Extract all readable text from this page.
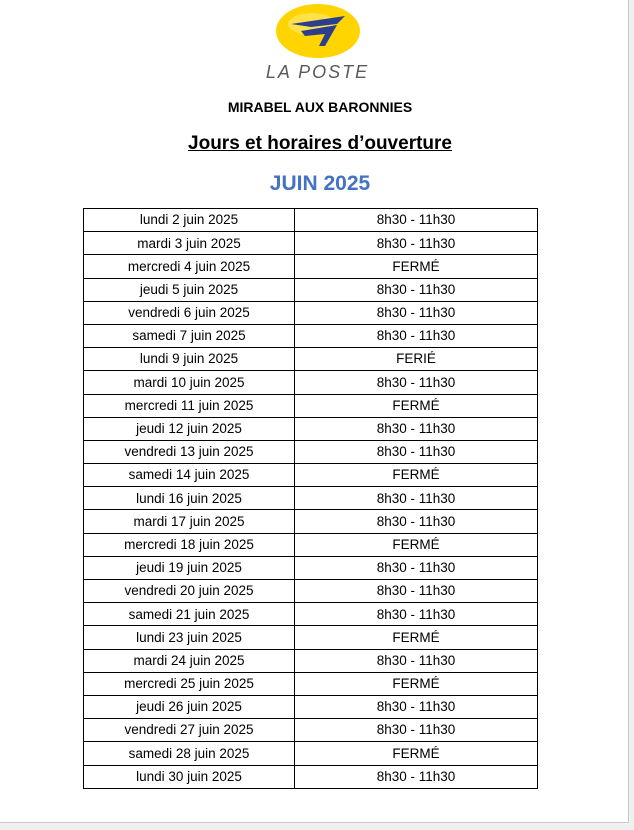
LA POSTE
MIRABEL AUX BARONNIES
Jours et horaires d’ouverture
JUIN 2025
lundi 2 juin 2025	8h30 - 11h30
mardi 3 juin 2025	8h30 - 11h30
mercredi 4 juin 2025	FERMÉ
jeudi 5 juin 2025	8h30 - 11h30
vendredi 6 juin 2025	8h30 - 11h30
samedi 7 juin 2025	8h30 - 11h30
lundi 9 juin 2025	FERIÉ
mardi 10 juin 2025	8h30 - 11h30
mercredi 11 juin 2025	FERMÉ
jeudi 12 juin 2025	8h30 - 11h30
vendredi 13 juin 2025	8h30 - 11h30
samedi 14 juin 2025	FERMÉ
lundi 16 juin 2025	8h30 - 11h30
mardi 17 juin 2025	8h30 - 11h30
mercredi 18 juin 2025	FERMÉ
jeudi 19 juin 2025	8h30 - 11h30
vendredi 20 juin 2025	8h30 - 11h30
samedi 21 juin 2025	8h30 - 11h30
lundi 23 juin 2025	FERMÉ
mardi 24 juin 2025	8h30 - 11h30
mercredi 25 juin 2025	FERMÉ
jeudi 26 juin 2025	8h30 - 11h30
vendredi 27 juin 2025	8h30 - 11h30
samedi 28 juin 2025	FERMÉ
lundi 30 juin 2025	8h30 - 11h30
